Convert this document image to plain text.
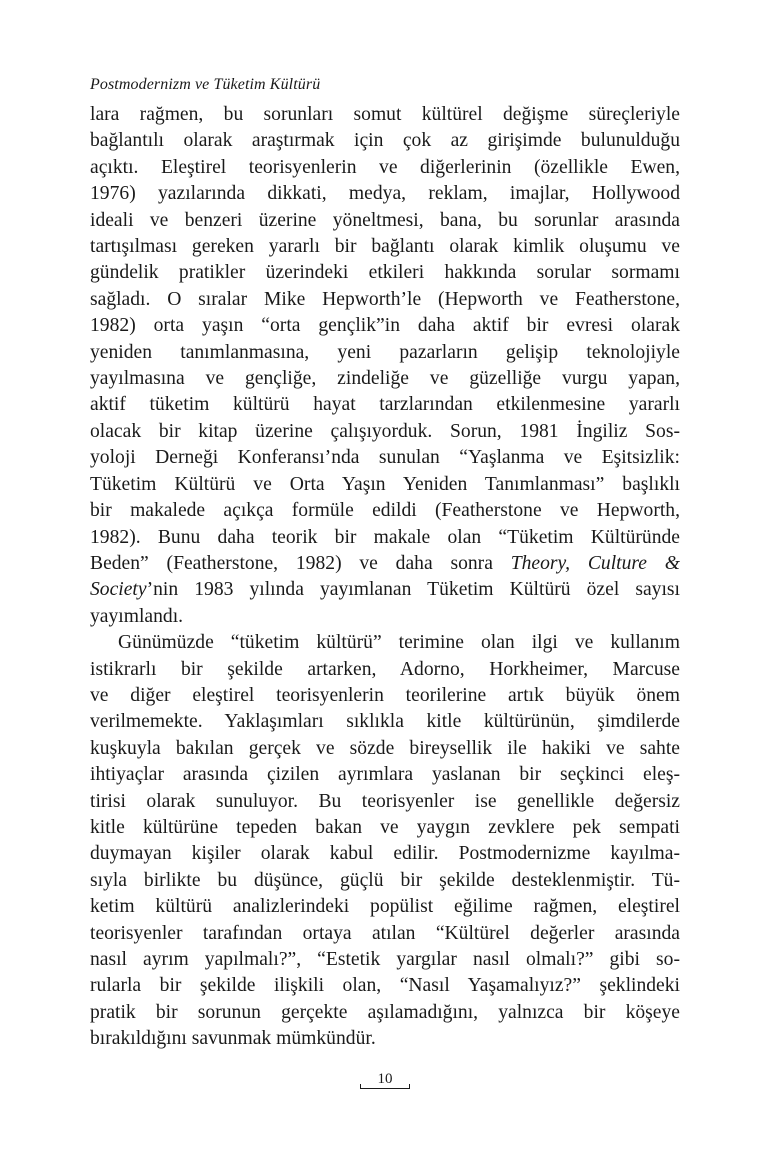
Postmodernizm ve Tüketim Kültürü
lara rağmen, bu sorunları somut kültürel değişme süreçleriyle
bağlantılı olarak araştırmak için çok az girişimde bulunulduğu
açıktı. Eleştirel teorisyenlerin ve diğerlerinin (özellikle Ewen,
1976) yazılarında dikkati, medya, reklam, imajlar, Hollywood
ideali ve benzeri üzerine yöneltmesi, bana, bu sorunlar arasında
tartışılması gereken yararlı bir bağlantı olarak kimlik oluşumu ve
gündelik pratikler üzerindeki etkileri hakkında sorular sormamı
sağladı. O sıralar Mike Hepworth’le (Hepworth ve Featherstone,
1982) orta yaşın “orta gençlik”in daha aktif bir evresi olarak
yeniden tanımlanmasına, yeni pazarların gelişip teknolojiyle
yayılmasına ve gençliğe, zindeliğe ve güzelliğe vurgu yapan,
aktif tüketim kültürü hayat tarzlarından etkilenmesine yararlı
olacak bir kitap üzerine çalışıyorduk. Sorun, 1981 İngiliz Sos-
yoloji Derneği Konferansı’nda sunulan “Yaşlanma ve Eşitsizlik:
Tüketim Kültürü ve Orta Yaşın Yeniden Tanımlanması” başlıklı
bir makalede açıkça formüle edildi (Featherstone ve Hepworth,
1982). Bunu daha teorik bir makale olan “Tüketim Kültüründe
Beden” (Featherstone, 1982) ve daha sonra Theory, Culture &
Society’nin 1983 yılında yayımlanan Tüketim Kültürü özel sayısı
yayımlandı.
Günümüzde “tüketim kültürü” terimine olan ilgi ve kullanım
istikrarlı bir şekilde artarken, Adorno, Horkheimer, Marcuse
ve diğer eleştirel teorisyenlerin teorilerine artık büyük önem
verilmemekte. Yaklaşımları sıklıkla kitle kültürünün, şimdilerde
kuşkuyla bakılan gerçek ve sözde bireysellik ile hakiki ve sahte
ihtiyaçlar arasında çizilen ayrımlara yaslanan bir seçkinci eleş-
tirisi olarak sunuluyor. Bu teorisyenler ise genellikle değersiz
kitle kültürüne tepeden bakan ve yaygın zevklere pek sempati
duymayan kişiler olarak kabul edilir. Postmodernizme kayılma-
sıyla birlikte bu düşünce, güçlü bir şekilde desteklenmiştir. Tü-
ketim kültürü analizlerindeki popülist eğilime rağmen, eleştirel
teorisyenler tarafından ortaya atılan “Kültürel değerler arasında
nasıl ayrım yapılmalı?”, “Estetik yargılar nasıl olmalı?” gibi so-
rularla bir şekilde ilişkili olan, “Nasıl Yaşamalıyız?” şeklindeki
pratik bir sorunun gerçekte aşılamadığını, yalnızca bir köşeye
bırakıldığını savunmak mümkündür.
10
